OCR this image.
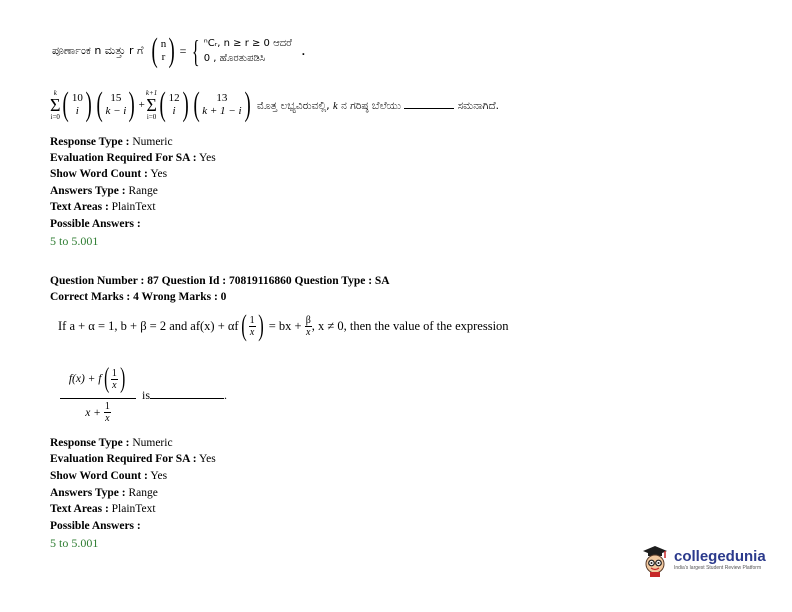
ಪೂರ್ಣಾಂಕ n ಮತ್ತು r ಗೆ ( n
r ) = { ⁿCᵣ, n ≥ r ≥ 0 ಆದರೆ
0 , ಹೊರತುಪಡಿಸಿ
.
k
Σ
i=0 ( 10
i ) ( 15
k − i ) +
k+1
Σ
i=0 ( 12
i ) ( 13
k + 1 − i ) ಮೊತ್ತ ಲಭ್ಯವಿರುವಲ್ಲಿ, k ನ ಗರಿಷ್ಠ ಬೆಲೆಯು	ಸಮನಾಗಿದೆ.
Response Type : Numeric
Evaluation Required For SA : Yes
Show Word Count : Yes
Answers Type : Range
Text Areas : PlainText
Possible Answers :
5 to 5.001
Question Number : 87 Question Id : 70819116860 Question Type : SA
Correct Marks : 4 Wrong Marks : 0
If a + α = 1, b + β = 2 and af(x) + αf ( $\frac{1}{x}$ ) = bx + $\frac{\beta}{x}$ , x ≠ 0, then the value of the expression
f(x) + f ( $\frac{1}{x}$ )
$x + \frac{1}{x}$
is	.
Response Type : Numeric
Evaluation Required For SA : Yes
Show Word Count : Yes
Answers Type : Range
Text Areas : PlainText
Possible Answers :
5 to 5.001
collegedunia
India's largest Student Review Platform
